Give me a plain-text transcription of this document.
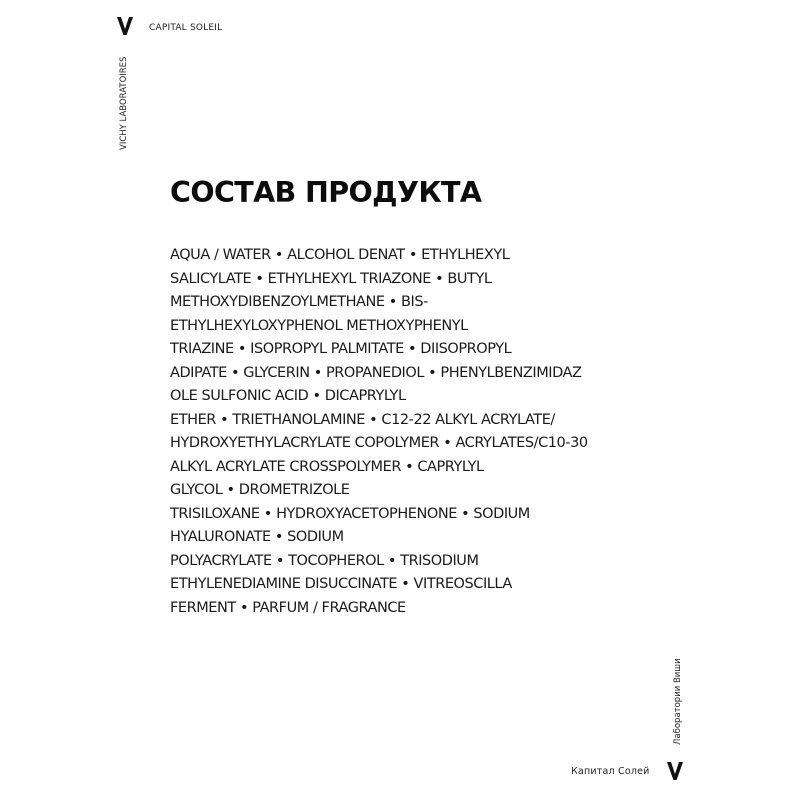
CAPITAL SOLEIL
VICHY LABORATOIRES
СОСТАВ ПРОДУКТА
AQUA / WATER • ALCOHOL DENAT • ETHYLHEXYL
SALICYLATE • ETHYLHEXYL TRIAZONE • BUTYL
METHOXYDIBENZOYLMETHANE • BIS-
ETHYLHEXYLOXYPHENOL METHOXYPHENYL
TRIAZINE • ISOPROPYL PALMITATE • DIISOPROPYL
ADIPATE • GLYCERIN • PROPANEDIOL • PHENYLBENZIMIDAZ
OLE SULFONIC ACID • DICAPRYLYL
ETHER • TRIETHANOLAMINE • C12-22 ALKYL ACRYLATE/
HYDROXYETHYLACRYLATE COPOLYMER • ACRYLATES/C10-30
ALKYL ACRYLATE CROSSPOLYMER • CAPRYLYL
GLYCOL • DROMETRIZOLE
TRISILOXANE • HYDROXYACETOPHENONE • SODIUM
HYALURONATE • SODIUM
POLYACRYLATE • TOCOPHEROL • TRISODIUM
ETHYLENEDIAMINE DISUCCINATE • VITREOSCILLA
FERMENT • PARFUM / FRAGRANCE
Лаборатории Виши
Капитал Солей
